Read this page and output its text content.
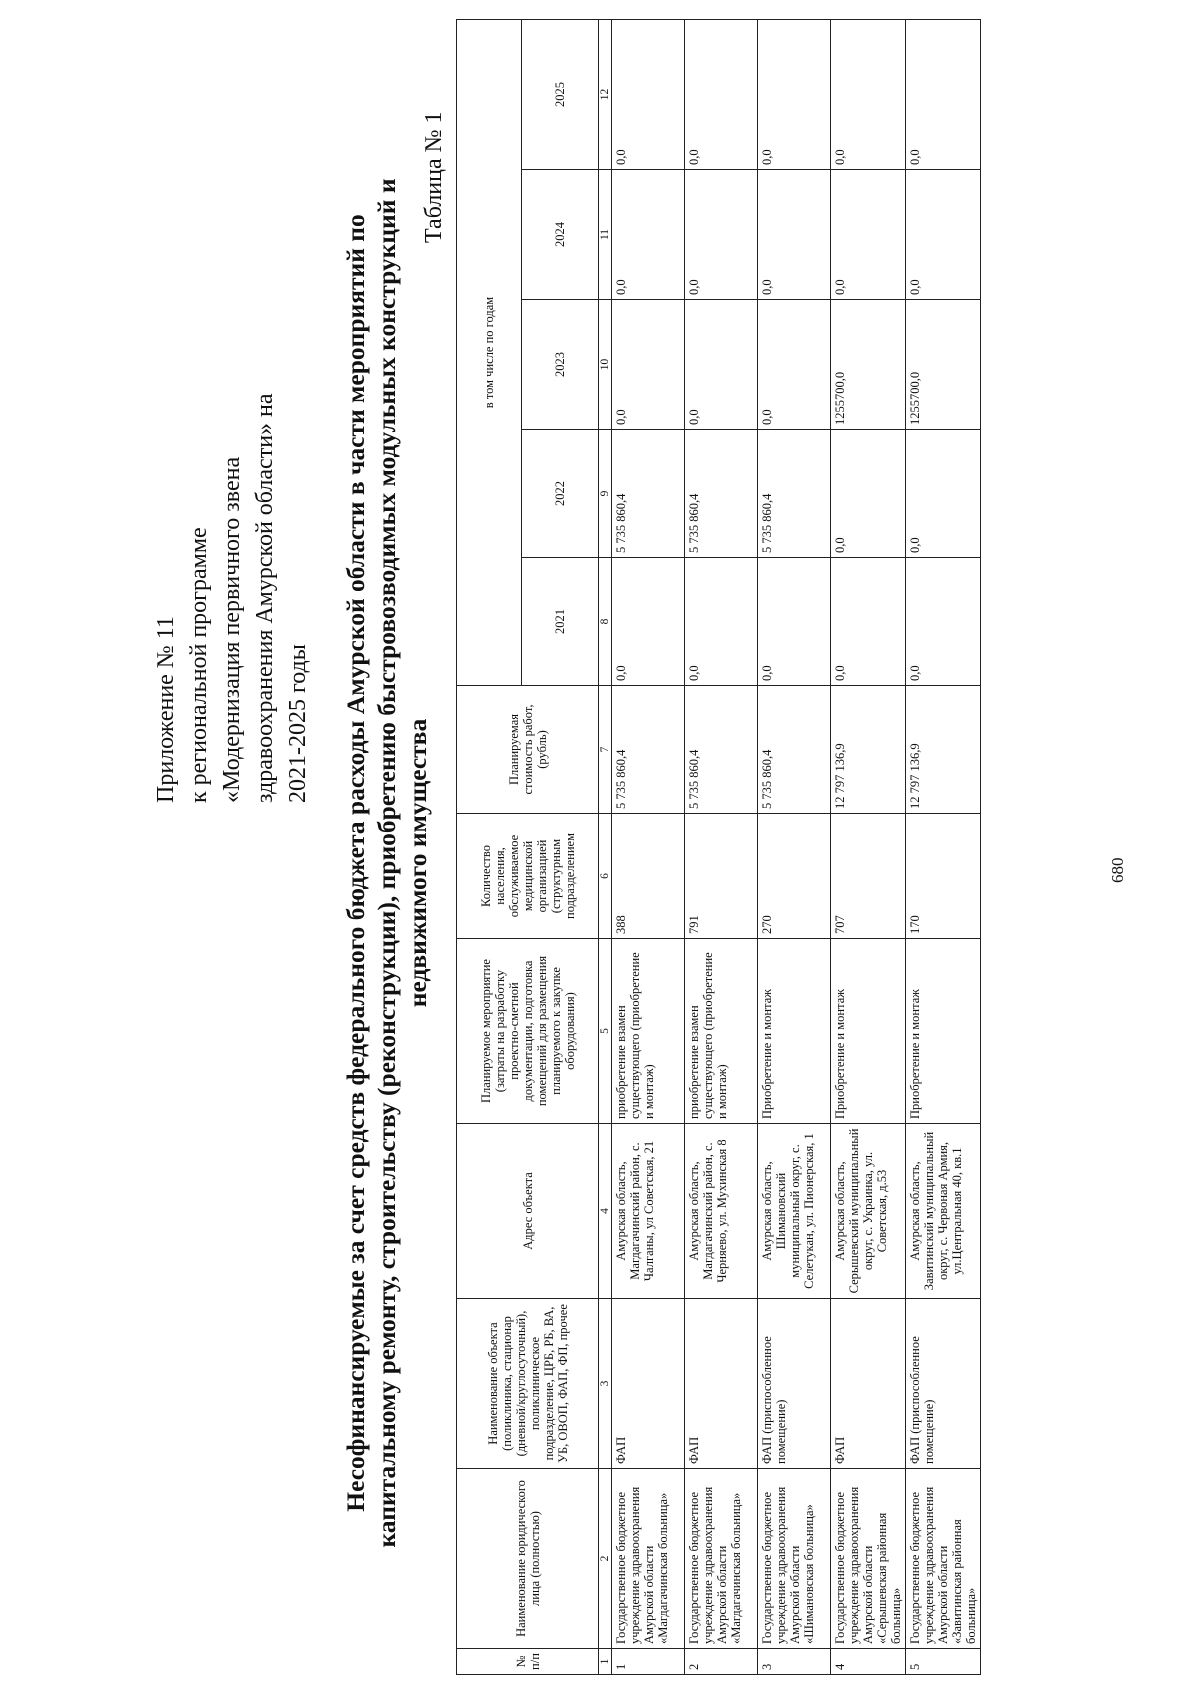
680
Приложение № 11 к региональной программе «Модернизация первичного звена здравоохранения Амурской области» на 2021-2025 годы Несофинансируемые за счет средств федерального бюджета расходы Амурской области в части мероприятий по капитальному ремонту, строительству (реконструкции), приобретению быстровозводимых модульных конструкций и недвижимого имущества
Таблица № 1
№ п/п	Наименование юридического лица (полностью)	Наименование объекта (поликлиника, стационар (дневной/круглосуточный), поликлиническое подразделение, ЦРБ, РБ, ВА, УБ, ОВОП, ФАП, ФП, прочее	Адрес объекта	Планируемое мероприятие (затраты на разработку проектно-сметной документации, подготовка помещений для размещения планируемого к закупке оборудования)	Количество населения, обслуживаемое медицинской организацией (структурным подразделением	Планируемая стоимость работ, (рубль)	в том числе по годам				
							2021	2022	2023	2024	2025
1	2	3	4	5	6	7	8	9	10	11	12
1	Государственное бюджетное учреждение здравоохранения Амурской области «Магдагачинская больница»	ФАП	Амурская область, Магдагачинский район, с. Чалганы, ул Советская, 21	приобретение взамен существующего (приобретение и монтаж)	388	5 735 860,4	0,0	5 735 860,4	0,0	0,0	0,0
2	Государственное бюджетное учреждение здравоохранения Амурской области «Магдагачинская больница»	ФАП	Амурская область, Магдагачинский район, с. Черняево, ул. Мухинская 8	приобретение взамен существующего (приобретение и монтаж)	791	5 735 860,4	0,0	5 735 860,4	0,0	0,0	0,0
3	Государственное бюджетное учреждение здравоохранения Амурской области «Шимановская больница»	ФАП (приспособленное помещение)	Амурская область, Шимановский муниципальный округ, с. Селетукан, ул. Пионерская, 1	Приобретение и монтаж	270	5 735 860,4	0,0	5 735 860,4	0,0	0,0	0,0
4	Государственное бюджетное учреждение здравоохранения Амурской области «Серышевская районная больница»	ФАП	Амурская область, Серышевский муниципальный округ, с. Украинка, ул. Советская, д.53	Приобретение и монтаж	707	12 797 136,9	0,0	0,0	1255700,0	0,0	0,0
5	Государственное бюджетное учреждение здравоохранения Амурской области «Завитинская районная больница»	ФАП (приспособленное помещение)	Амурская область, Завитинский муниципальный округ, с. Червоная Армия, ул.Центральная 40, кв.1	Приобретение и монтаж	170	12 797 136,9	0,0	0,0	1255700,0	0,0	0,0
